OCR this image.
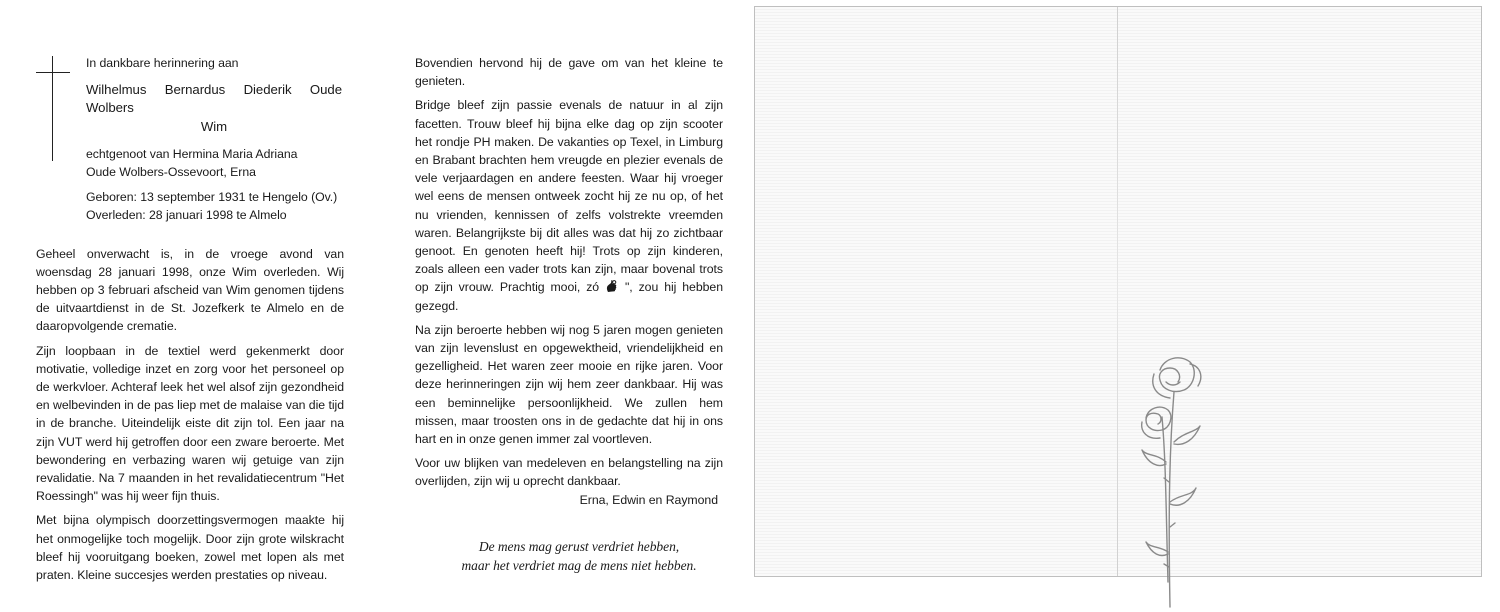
In dankbare herinnering aan
Wilhelmus Bernardus Diederik Oude Wolbers
Wim
echtgenoot van Hermina Maria Adriana
Oude Wolbers-Ossevoort, Erna
Geboren: 13 september 1931 te Hengelo (Ov.)
Overleden: 28 januari 1998 te Almelo

Geheel onverwacht is, in de vroege avond van woensdag 28 januari 1998, onze Wim overleden. Wij hebben op 3 februari afscheid van Wim genomen tijdens de uitvaartdienst in de St. Jozefkerk te Almelo en de daaropvolgende crematie.

Zijn loopbaan in de textiel werd gekenmerkt door motivatie, volledige inzet en zorg voor het personeel op de werkvloer. Achteraf leek het wel alsof zijn gezondheid en welbevinden in de pas liep met de malaise van die tijd in de branche. Uiteindelijk eiste dit zijn tol. Een jaar na zijn VUT werd hij getroffen door een zware beroerte. Met bewondering en verbazing waren wij getuige van zijn revalidatie. Na 7 maanden in het revalidatiecentrum "Het Roessingh" was hij weer fijn thuis.

Met bijna olympisch doorzettingsvermogen maakte hij het onmogelijke toch mogelijk. Door zijn grote wilskracht bleef hij vooruitgang boeken, zowel met lopen als met praten. Kleine succesjes werden prestaties op niveau.

Bovendien hervond hij de gave om van het kleine te genieten.

Bridge bleef zijn passie evenals de natuur in al zijn facetten. Trouw bleef hij bijna elke dag op zijn scooter het rondje PH maken. De vakanties op Texel, in Limburg en Brabant brachten hem vreugde en plezier evenals de vele verjaardagen en andere feesten. Waar hij vroeger wel eens de mensen ontweek zocht hij ze nu op, of het nu vrienden, kennissen of zelfs volstrekte vreemden waren. Belangrijkste bij dit alles was dat hij zo zichtbaar genoot. En genoten heeft hij! Trots op zijn kinderen, zoals alleen een vader trots kan zijn, maar bovenal trots op zijn vrouw. Prachtig mooi, zó ", zou hij hebben gezegd.

Na zijn beroerte hebben wij nog 5 jaren mogen genieten van zijn levenslust en opgewektheid, vriendelijkheid en gezelligheid. Het waren zeer mooie en rijke jaren. Voor deze herinneringen zijn wij hem zeer dankbaar. Hij was een beminnelijke persoonlijkheid. We zullen hem missen, maar troosten ons in de gedachte dat hij in ons hart en in onze genen immer zal voortleven.

Voor uw blijken van medeleven en belangstelling na zijn overlijden, zijn wij u oprecht dankbaar.

Erna, Edwin en Raymond

De mens mag gerust verdriet hebben,
maar het verdriet mag de mens niet hebben.
